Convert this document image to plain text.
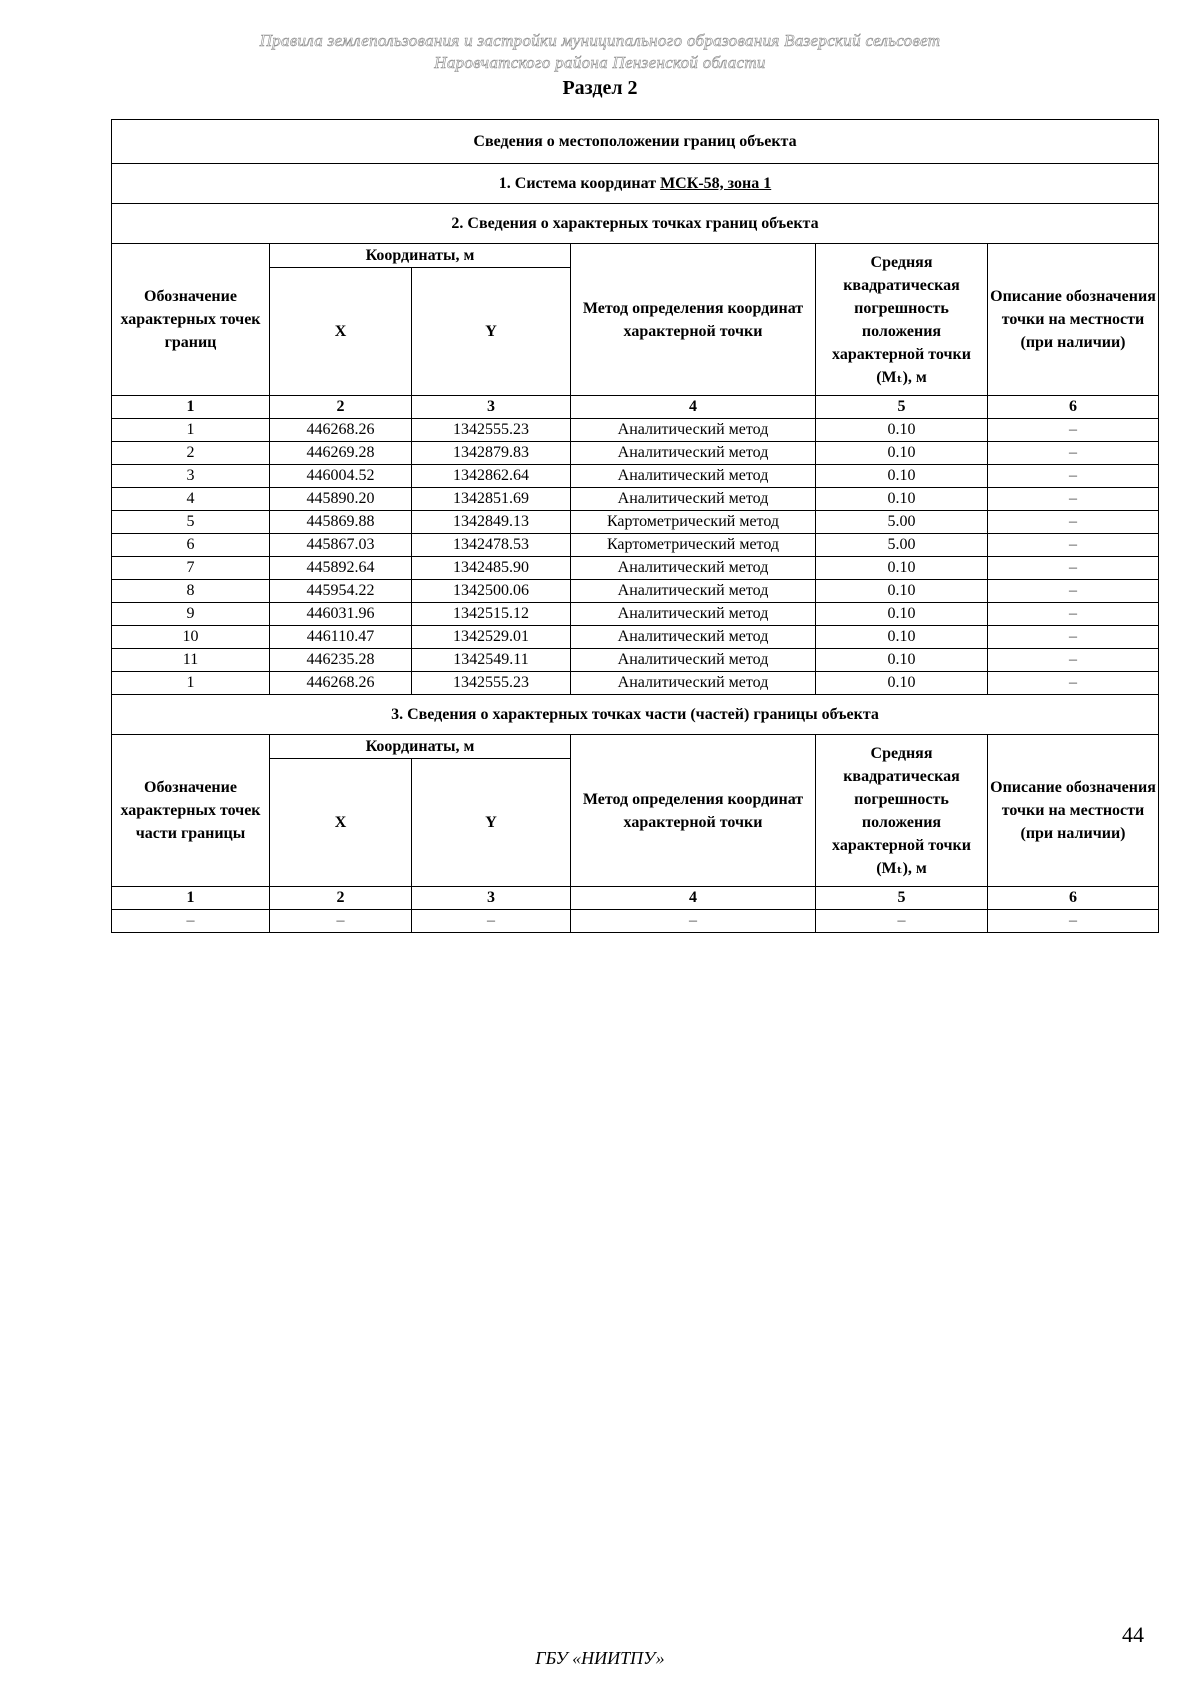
Правила землепользования и застройки муниципального образования Вазерский сельсовет
Наровчатского района Пензенской области
Раздел 2
Сведения о местоположении границ объекта					
1. Система координат МСК-58, зона 1					
2. Сведения о характерных точках границ объекта					
Обозначение характерных точек границ	Координаты, м		Метод определения координат характерной точки	Средняя квадратическая погрешность положения характерной точки (Mₜ), м	Описание обозначения точки на местности (при наличии)
	X	Y			
1	2	3	4	5	6
1	446268.26	1342555.23	Аналитический метод	0.10	–
2	446269.28	1342879.83	Аналитический метод	0.10	–
3	446004.52	1342862.64	Аналитический метод	0.10	–
4	445890.20	1342851.69	Аналитический метод	0.10	–
5	445869.88	1342849.13	Картометрический метод	5.00	–
6	445867.03	1342478.53	Картометрический метод	5.00	–
7	445892.64	1342485.90	Аналитический метод	0.10	–
8	445954.22	1342500.06	Аналитический метод	0.10	–
9	446031.96	1342515.12	Аналитический метод	0.10	–
10	446110.47	1342529.01	Аналитический метод	0.10	–
11	446235.28	1342549.11	Аналитический метод	0.10	–
1	446268.26	1342555.23	Аналитический метод	0.10	–
3. Сведения о характерных точках части (частей) границы объекта					
Обозначение характерных точек части границы	Координаты, м		Метод определения координат характерной точки	Средняя квадратическая погрешность положения характерной точки (Mₜ), м	Описание обозначения точки на местности (при наличии)
	X	Y			
1	2	3	4	5	6
–	–	–	–	–	–
44
ГБУ «НИИТПУ»
